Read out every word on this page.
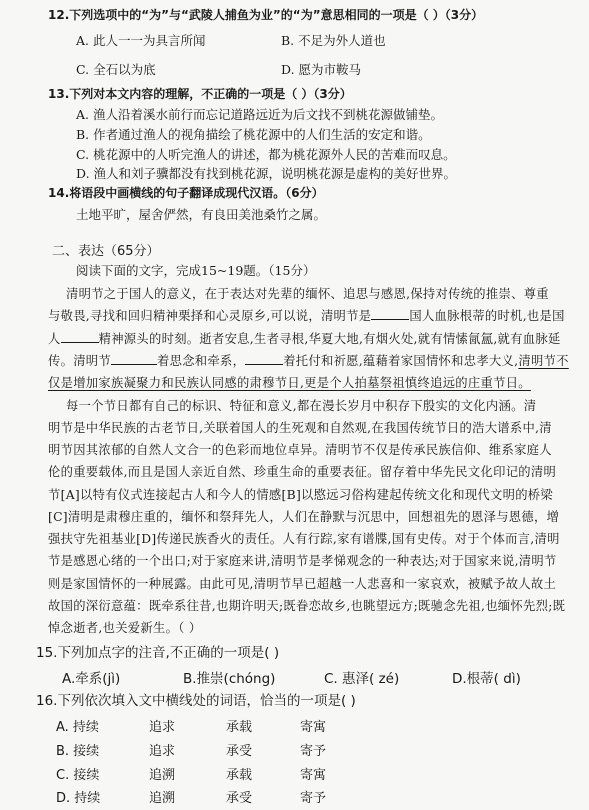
12.下列选项中的“为”与“武陵人捕鱼为业”的“为”意思相同的一项是（ ）（3分）
A. 此人一一为具言所闻	B. 不足为外人道也
C. 全石以为底	D. 愿为市鞍马
13.下列对本文内容的理解，不正确的一项是（ ）（3分）
A. 渔人沿着溪水前行而忘记道路远近为后文找不到桃花源做铺垫。
B. 作者通过渔人的视角描绘了桃花源中的人们生活的安定和谐。
C. 桃花源中的人听完渔人的讲述，都为桃花源外人民的苦难而叹息。
D. 渔人和刘子骥都没有找到桃花源，说明桃花源是虚构的美好世界。
14.将语段中画横线的句子翻译成现代汉语。（6分）
土地平旷，屋舍俨然，有良田美池桑竹之属。
二、表达（65分）
阅读下面的文字，完成15~19题。（15分）
清明节之于国人的意义，在于表达对先辈的缅怀、追思与感恩,保持对传统的推崇、尊重
与敬畏,寻找和回归精神栗择和心灵原乡,可以说，清明节是	国人血脉根蒂的时机,也是国
人	精神源头的时刻。逝者安息,生者寻根,华夏大地,有烟火处,就有情愫氤氲,就有血脉延
传。清明节	着思念和牵系，	着托付和祈愿,蕴藉着家国情怀和忠孝大义,清明节不
仅是增加家族凝聚力和民族认同感的肃穆节日,更是个人拍墓祭祖慎终追远的庄重节日。
每一个节日都有自己的标识、特征和意义,都在漫长岁月中积存下殷实的文化内涵。清
明节是中华民族的古老节日,关联着国人的生死观和自然观,在我国传统节日的浩大谱系中,清
明节因其浓郁的自然人文合一的色彩而地位卓异。清明节不仅是传承民族信仰、维系家庭人
伦的重要载体,而且是国人亲近自然、珍重生命的重要表征。留存着中华先民文化印记的清明
节[A]以特有仪式连接起古人和今人的情感[B]以愍远习俗构建起传统文化和现代文明的桥梁
[C]清明是肃穆庄重的，缅怀和祭拜先人，人们在静默与沉思中，回想祖先的恩泽与恩德，增
强扶守先祖基业[D]传递民族香火的责任。人有行踪,家有谱牒,国有史传。对于个体而言,清明
节是感恩心绪的一个出口;对于家庭来讲,清明节是孝悌观念的一种表达;对于国家来说,清明节
则是家国情怀的一种展露。由此可见,清明节早已超越一人悲喜和一家哀欢，被赋予故人故土
故国的深衍意蕴：既牵系往昔,也期许明天;既眷恋故乡,也眺望远方;既驰念先祖,也缅怀先烈;既
悼念逝者,也关爱新生。（ ）
15.下列加点字的注音,不正确的一项是( )
A.牵系(jì)	B.推崇(chóng)	C. 惠泽( zé)	D.根蒂( dì)
16.下列依次填入文中横线处的词语，恰当的一项是( )
A. 持续	追求	承载	寄寓
B. 接续	追求	承受	寄予
C. 接续	追溯	承载	寄寓
D. 持续	追溯	承受	寄予
